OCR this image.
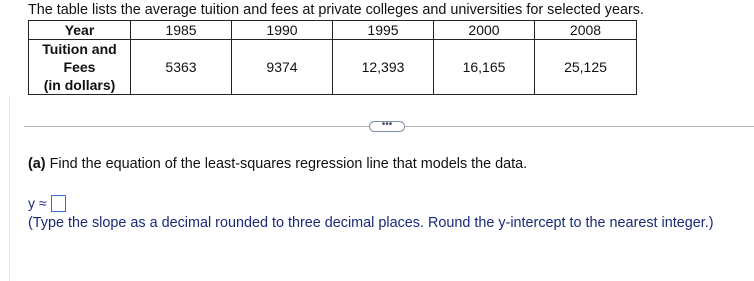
The table lists the average tuition and fees at private colleges and universities for selected years.
Year	1985	1990	1995	2000	2008

Tuition and
Fees
(in dollars)	5363	9374	12,393	16,165	25,125
•••
(a) Find the equation of the least-squares regression line that models the data.
y ≈
(Type the slope as a decimal rounded to three decimal places. Round the y-intercept to the nearest integer.)
